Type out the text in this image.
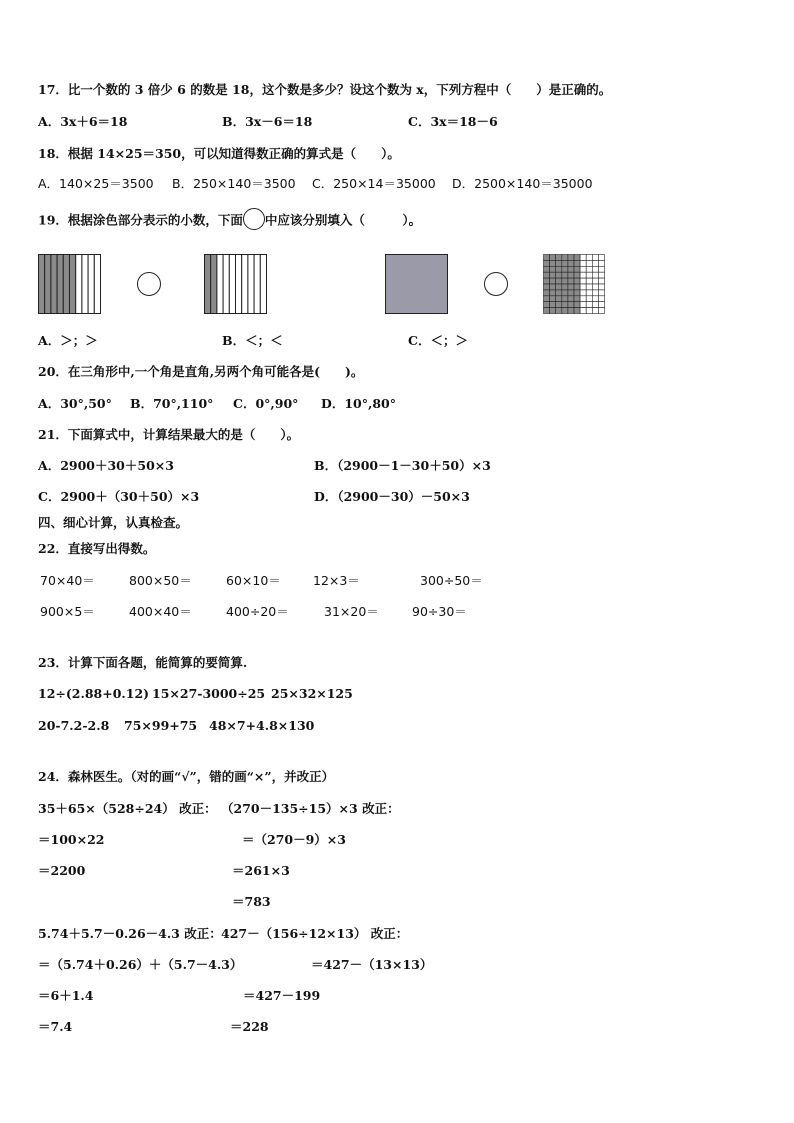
17．比一个数的 3 倍少 6 的数是 18，这个数是多少？设这个数为 x，下列方程中（　　）是正确的。
A．3x＋6＝18	B．3x－6＝18	C．3x＝18－6
18．根据 14×25＝350，可以知道得数正确的算式是（　　）。
A．140×25＝3500 B．250×140＝3500 C．250×14＝35000 D．2500×140＝35000
19．根据涂色部分表示的小数，下面 中应该分别填入（　　　）。
A．＞；＞	B．＜；＜	C．＜；＞
20．在三角形中,一个角是直角,另两个角可能各是(　　)。
A．30°,50° B．70°,110° C．0°,90° D．10°,80°
21．下面算式中，计算结果最大的是（　　）。
A．2900＋30＋50×3	B．（2900－1－30＋50）×3
C．2900＋（30＋50）×3	D．（2900－30）－50×3
四、细心计算，认真检查。
22．直接写出得数。
70×40＝	800×50＝	60×10＝	12×3＝	300÷50＝
900×5＝	400×40＝	400÷20＝	31×20＝	90÷30＝
23．计算下面各题，能简算的要简算.
12÷(2.88+0.12) 15×27-3000÷25 25×32×125
20-7.2-2.8 75×99+75 48×7+4.8×130
24．森林医生。（对的画“√”，错的画“×”，并改正）
35＋65×（528÷24） 改正：
＝100×22
＝2200
（270－135÷15）×3 改正：
＝（270－9）×3
＝261×3
＝783
5.74＋5.7－0.26－4.3 改正：
＝（5.74＋0.26）＋（5.7－4.3）
＝6＋1.4
＝7.4
427－（156÷12×13） 改正：
＝427－（13×13）
＝427－199
＝228
